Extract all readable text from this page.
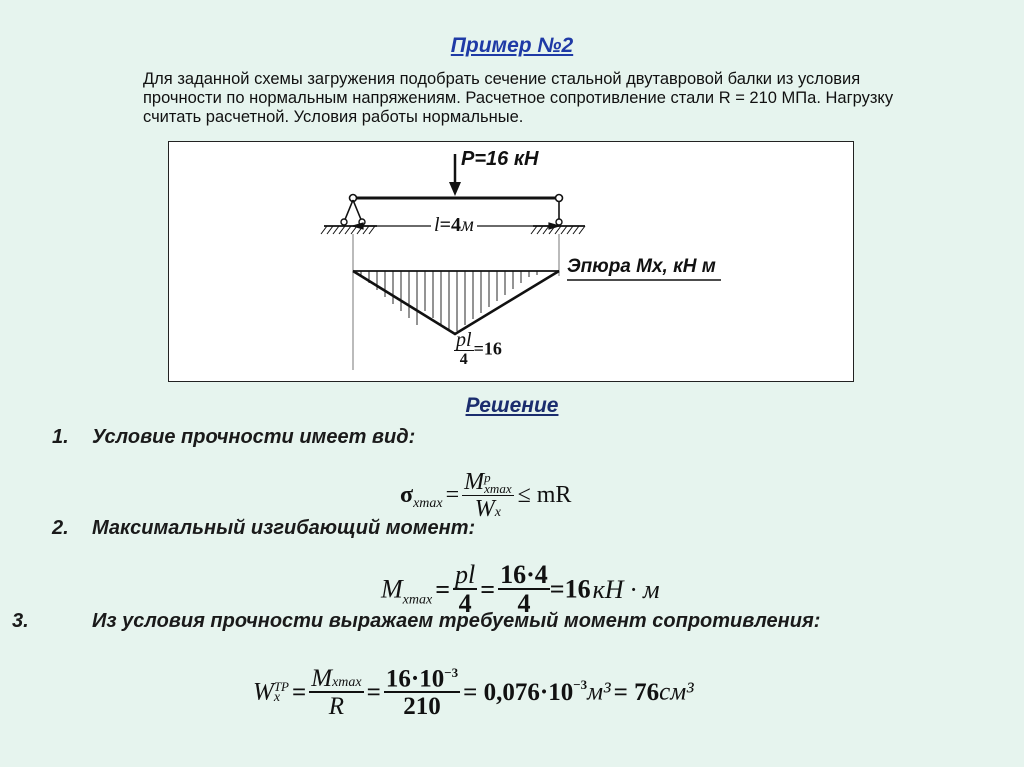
Пример №2
Для заданной схемы загружения подобрать сечение стальной двутавровой балки из условия прочности по нормальным напряжениям. Расчетное сопротивление стали R = 210 МПа. Нагрузку считать расчетной. Условия работы нормальные.
P=16 кН
l=4м
Эпюра Mx, кН м
$\frac{pl}{4} =16$
Решение
1. Условие прочности имеет вид:
2. Максимальный изгибающий момент:
3.	Из условия прочности выражаем требуемый момент сопротивления:
$\sigma_{xmax} = M$ p
xmax
Wx ≤ mR
$M_{xmax} = \frac{pl}{4} = \frac{16\cdot 4}{4} =16кН \cdot м$
W ТР
$x = \frac{Mxmax}{R} = \frac{16\cdot 10^{-3}}{210} = 0,076\cdot 10^{-3}м^3 = 76см^3$
